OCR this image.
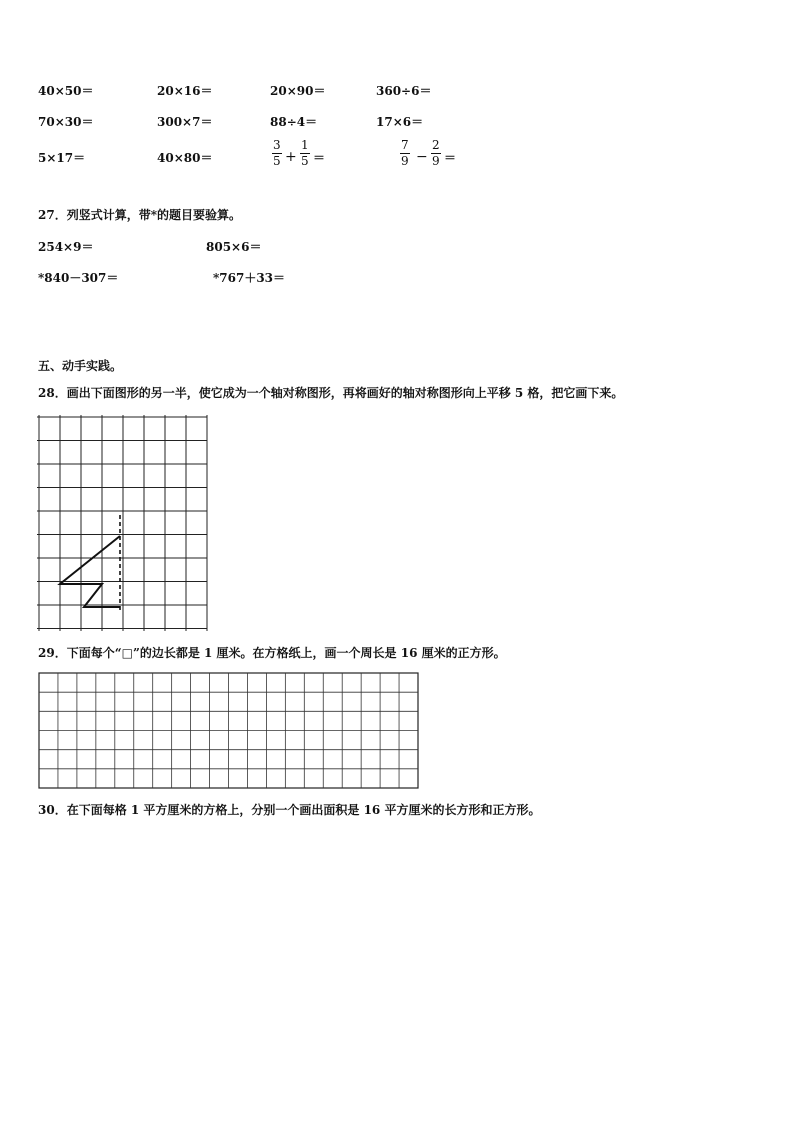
40×50＝	20×16＝	20×90＝	360÷6＝
70×30＝	300×7＝	88÷4＝	17×6＝
5×17＝	40×80＝	$\frac{3}{5} + \frac{1}{5}$ ＝	$\frac{7}{9} - \frac{2}{9}$ ＝
27．列竖式计算，带*的题目要验算。
254×9＝	805×6＝
*840－307＝	*767＋33＝
五、动手实践。
28．画出下面图形的另一半，使它成为一个轴对称图形，再将画好的轴对称图形向上平移 5 格，把它画下来。
29．下面每个“□”的边长都是 1 厘米。在方格纸上，画一个周长是 16 厘米的正方形。
30．在下面每格 1 平方厘米的方格上，分别一个画出面积是 16 平方厘米的长方形和正方形。
